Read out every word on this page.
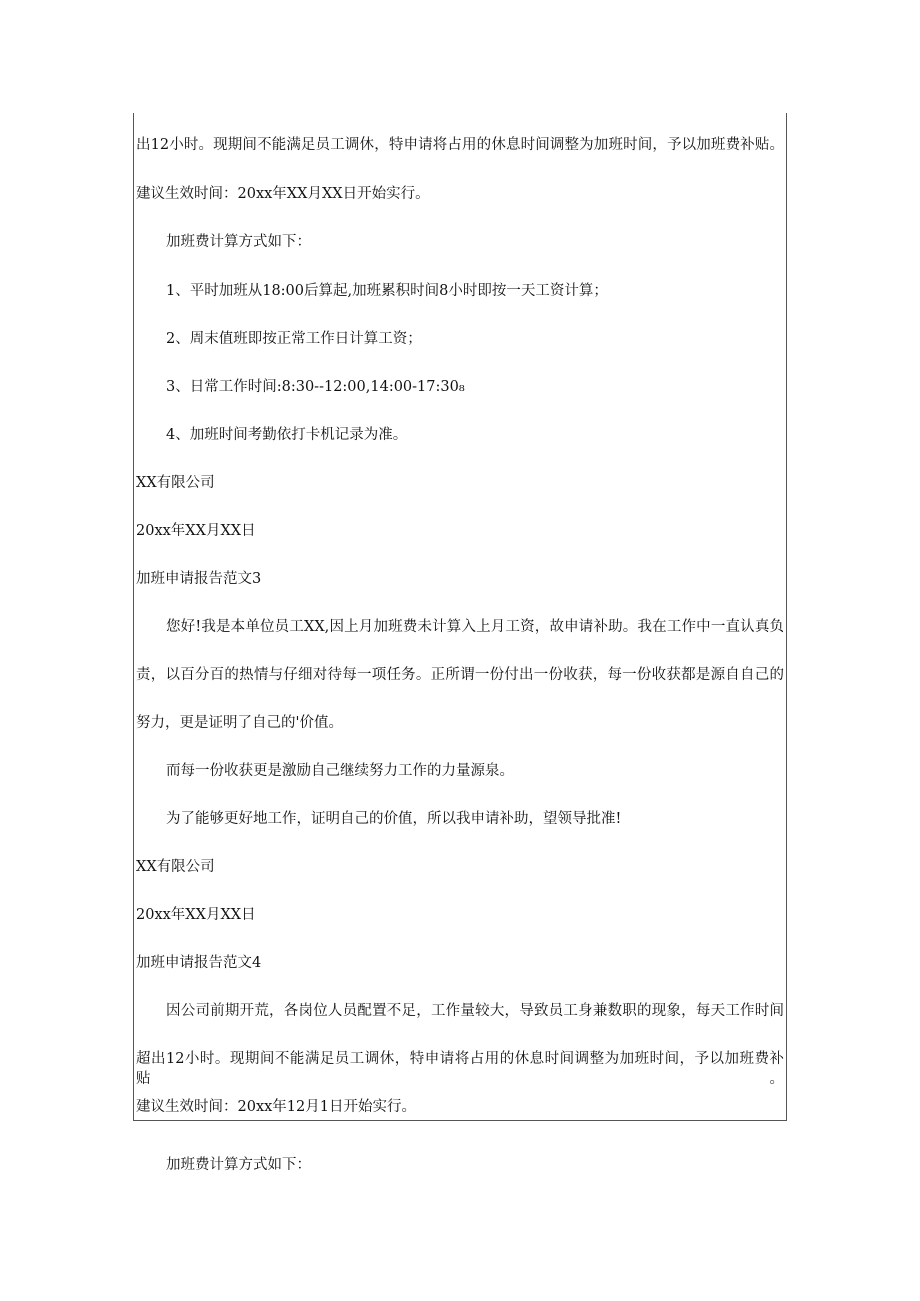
出12小时。现期间不能满足员工调休，特申请将占用的休息时间调整为加班时间，予以加班费补贴。
建议生效时间：20xx年XX月XX日开始实行。
加班费计算方式如下：
1、平时加班从18:00后算起,加班累积时间8小时即按一天工资计算；
2、周末值班即按正常工作日计算工资；
3、日常工作时间:8:30--12:00,14:00-17:30₈
4、加班时间考勤依打卡机记录为准。
XX有限公司
20xx年XX月XX日
加班申请报告范文3
您好!我是本单位员工XX,因上月加班费未计算入上月工资，故申请补助。我在工作中一直认真负
责，以百分百的热情与仔细对待每一项任务。正所谓一份付出一份收获，每一份收获都是源自自己的
努力，更是证明了自己的'价值。
而每一份收获更是激励自己继续努力工作的力量源泉。
为了能够更好地工作，证明自己的价值，所以我申请补助，望领导批准!
XX有限公司
20xx年XX月XX日
加班申请报告范文4
因公司前期开荒，各岗位人员配置不足，工作量较大，导致员工身兼数职的现象，每天工作时间
超出12小时。现期间不能满足员工调休，特申请将占用的休息时间调整为加班时间，予以加班费补贴。
建议生效时间：20xx年12月1日开始实行。
加班费计算方式如下：
